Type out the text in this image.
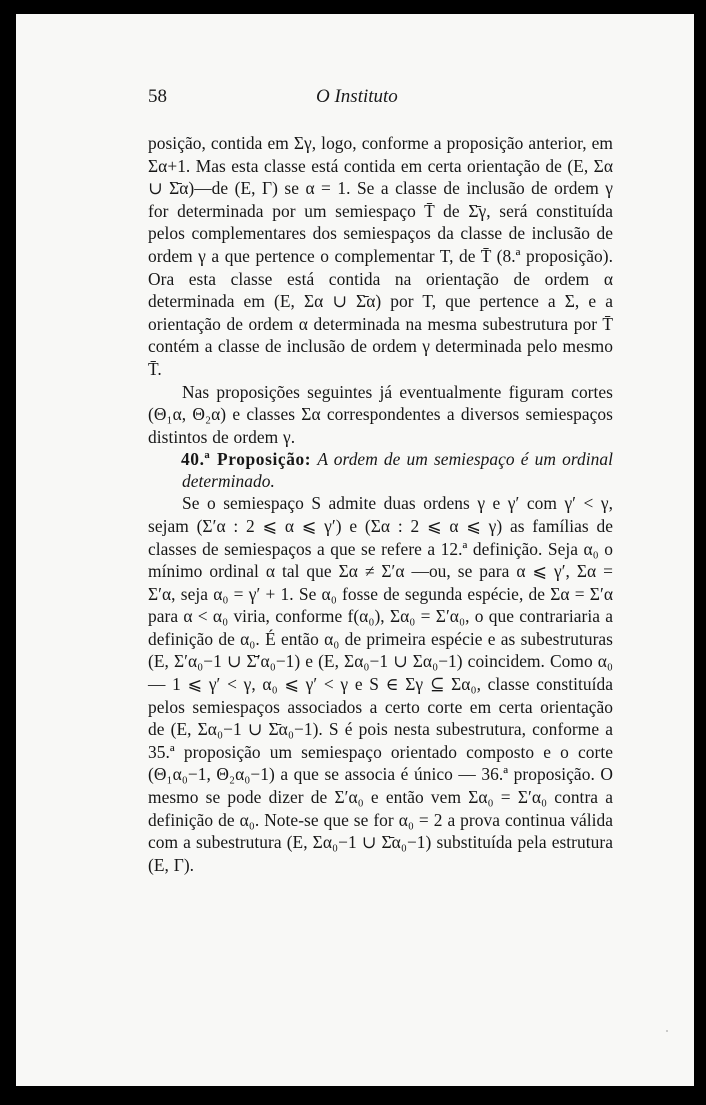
58	O Instituto

posição, contida em Σγ, logo, conforme a proposição anterior, em Σα+1. Mas esta classe está contida em certa orientação de (E, Σα ∪ Σ̄α)—de (E, Γ) se α = 1. Se a classe de inclusão de ordem γ for determinada por um semiespaço T̄ de Σ̄γ, será constituída pelos complementares dos semiespaços da classe de inclusão de ordem γ a que pertence o complementar T, de T̄ (8.ª proposição). Ora esta classe está contida na orientação de ordem α determinada em (E, Σα ∪ Σ̄α) por T, que pertence a Σ, e a orientação de ordem α determinada na mesma subestrutura por T̄ contém a classe de inclusão de ordem γ determinada pelo mesmo T̄.

Nas proposições seguintes já eventualmente figuram cortes (Θ₁α, Θ₂α) e classes Σα correspondentes a diversos semiespaços distintos de ordem γ.

40.ª Proposição: A ordem de um semiespaço é um ordinal determinado.

Se o semiespaço S admite duas ordens γ e γ′ com γ′ < γ, sejam (Σ′α : 2 ⩽ α ⩽ γ′) e (Σα : 2 ⩽ α ⩽ γ) as famílias de classes de semiespaços a que se refere a 12.ª definição. Seja α₀ o mínimo ordinal α tal que Σα ≠ Σ′α —ou, se para α ⩽ γ′, Σα = Σ′α, seja α₀ = γ′ + 1. Se α₀ fosse de segunda espécie, de Σα = Σ′α para α < α₀ viria, conforme f(α₀), Σα₀ = Σ′α₀, o que contrariaria a definição de α₀. É então α₀ de primeira espécie e as subestruturas (E, Σ′α₀−1 ∪ Σ̄′α₀−1) e (E, Σα₀−1 ∪ Σα₀−1) coincidem. Como α₀ — 1 ⩽ γ′ < γ, α₀ ⩽ γ′ < γ e S ∈ Σγ ⊆ Σα₀, classe constituída pelos semiespaços associados a certo corte em certa orientação de (E, Σα₀−1 ∪ Σ̄α₀−1). S é pois nesta subestrutura, conforme a 35.ª proposição um semiespaço orientado composto e o corte (Θ₁α₀−1, Θ₂α₀−1) a que se associa é único — 36.ª proposição. O mesmo se pode dizer de Σ′α₀ e então vem Σα₀ = Σ′α₀ contra a definição de α₀. Note-se que se for α₀ = 2 a prova continua válida com a subestrutura (E, Σα₀−1 ∪ Σ̄α₀−1) substituída pela estrutura (E, Γ).
